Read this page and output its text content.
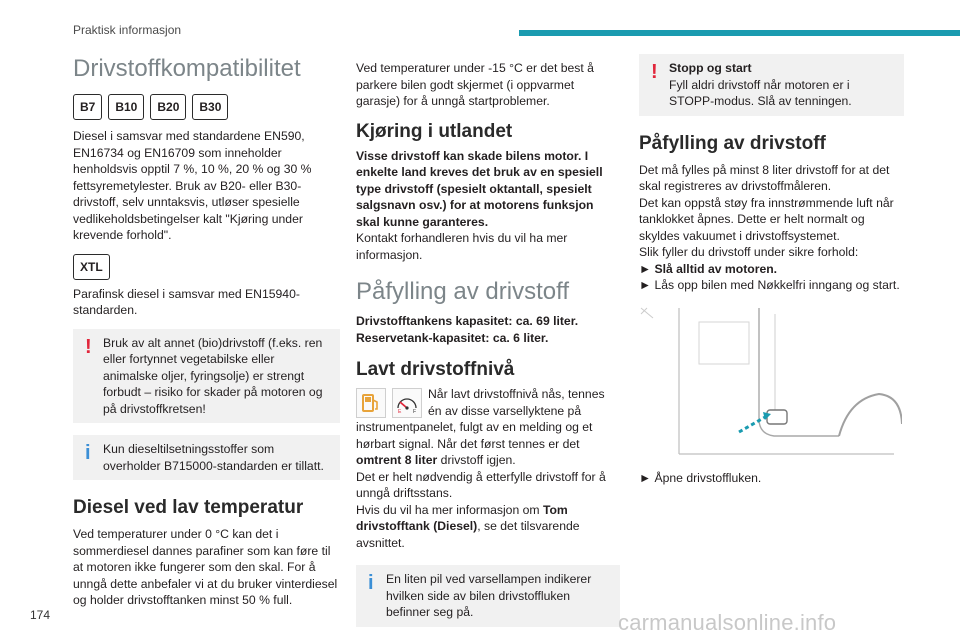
Praktisk informasjon
Drivstoffkompatibilitet
B7	B10	B20	B30

Diesel i samsvar med standardene EN590, EN16734 og EN16709 som inneholder henholdsvis opptil 7 %, 10 %, 20 % og 30 % fettsyremetylester. Bruk av B20- eller B30-drivstoff, selv unntaksvis, utløser spesielle vedlikeholdsbetingelser kalt "Kjøring under krevende forhold".

XTL

Parafinsk diesel i samsvar med EN15940-standarden.

! Bruk av alt annet (bio)drivstoff (f.eks. ren eller fortynnet vegetabilske eller animalske oljer, fyringsolje) er strengt forbudt – risiko for skader på motoren og på drivstoffkretsen!

i Kun dieseltilsetningsstoffer som overholder B715000-standarden er tillatt.

Diesel ved lav temperatur

Ved temperaturer under 0 °C kan det i sommerdiesel dannes parafiner som kan føre til at motoren ikke fungerer som den skal. For å unngå dette anbefaler vi at du bruker vinterdiesel og holder drivstofftanken minst 50 % full.

Ved temperaturer under -15 °C er det best å parkere bilen godt skjermet (i oppvarmet garasje) for å unngå startproblemer.

Kjøring i utlandet

Visse drivstoff kan skade bilens motor. I enkelte land kreves det bruk av en spesiell type drivstoff (spesielt oktantall, spesielt salgsnavn osv.) for at motorens funksjon skal kunne garanteres.

Kontakt forhandleren hvis du vil ha mer informasjon.

Påfylling av drivstoff

Drivstofftankens kapasitet: ca. 69 liter.

Reservetank-kapasitet: ca. 6 liter.

Lavt drivstoffnivå
E F

Når lavt drivstoffnivå nås, tennes én av disse varsellyktene på instrumentpanelet, fulgt av en melding og et hørbart signal. Når det først tennes er det omtrent 8 liter drivstoff igjen.

Det er helt nødvendig å etterfylle drivstoff for å unngå driftsstans.

Hvis du vil ha mer informasjon om Tom drivstofftank (Diesel), se det tilsvarende avsnittet.

i En liten pil ved varsellampen indikerer hvilken side av bilen drivstoffluken befinner seg på.

! Stopp og start

Fyll aldri drivstoff når motoren er i STOPP-modus. Slå av tenningen.

Påfylling av drivstoff

Det må fylles på minst 8 liter drivstoff for at det skal registreres av drivstoffmåleren.

Det kan oppstå støy fra innstrømmende luft når tanklokket åpnes. Dette er helt normalt og skyldes vakuumet i drivstoffsystemet.

Slik fyller du drivstoff under sikre forhold:

► Slå alltid av motoren.

► Lås opp bilen med Nøkkelfri inngang og start.

► Åpne drivstoffluken.

174	carmanualsonline.info
